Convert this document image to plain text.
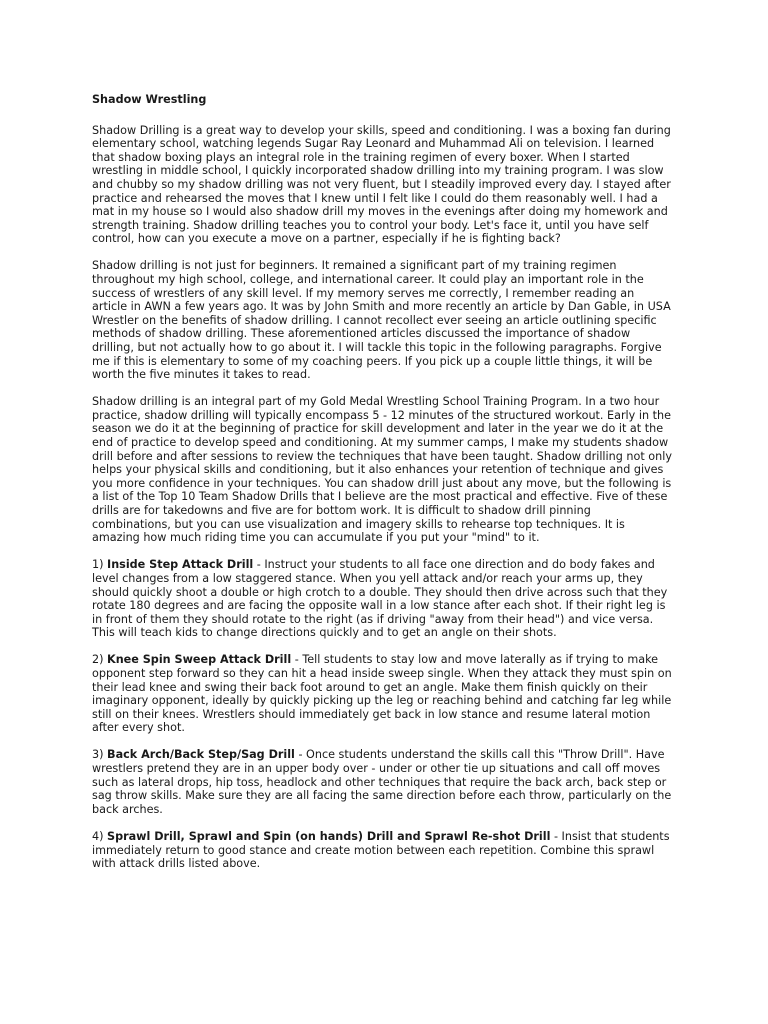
Shadow Wrestling

Shadow Drilling is a great way to develop your skills, speed and conditioning. I was a boxing fan during elementary school, watching legends Sugar Ray Leonard and Muhammad Ali on television. I learned that shadow boxing plays an integral role in the training regimen of every boxer. When I started wrestling in middle school, I quickly incorporated shadow drilling into my training program. I was slow and chubby so my shadow drilling was not very fluent, but I steadily improved every day. I stayed after practice and rehearsed the moves that I knew until I felt like I could do them reasonably well. I had a mat in my house so I would also shadow drill my moves in the evenings after doing my homework and strength training. Shadow drilling teaches you to control your body. Let's face it, until you have self control, how can you execute a move on a partner, especially if he is fighting back?

Shadow drilling is not just for beginners. It remained a significant part of my training regimen throughout my high school, college, and international career. It could play an important role in the success of wrestlers of any skill level. If my memory serves me correctly, I remember reading an article in AWN a few years ago. It was by John Smith and more recently an article by Dan Gable, in USA Wrestler on the benefits of shadow drilling. I cannot recollect ever seeing an article outlining specific methods of shadow drilling. These aforementioned articles discussed the importance of shadow drilling, but not actually how to go about it. I will tackle this topic in the following paragraphs. Forgive me if this is elementary to some of my coaching peers. If you pick up a couple little things, it will be worth the five minutes it takes to read.

Shadow drilling is an integral part of my Gold Medal Wrestling School Training Program. In a two hour practice, shadow drilling will typically encompass 5 - 12 minutes of the structured workout. Early in the season we do it at the beginning of practice for skill development and later in the year we do it at the end of practice to develop speed and conditioning. At my summer camps, I make my students shadow drill before and after sessions to review the techniques that have been taught. Shadow drilling not only helps your physical skills and conditioning, but it also enhances your retention of technique and gives you more confidence in your techniques. You can shadow drill just about any move, but the following is a list of the Top 10 Team Shadow Drills that I believe are the most practical and effective. Five of these drills are for takedowns and five are for bottom work. It is difficult to shadow drill pinning combinations, but you can use visualization and imagery skills to rehearse top techniques. It is amazing how much riding time you can accumulate if you put your "mind" to it.

1) Inside Step Attack Drill - Instruct your students to all face one direction and do body fakes and level changes from a low staggered stance. When you yell attack and/or reach your arms up, they should quickly shoot a double or high crotch to a double. They should then drive across such that they rotate 180 degrees and are facing the opposite wall in a low stance after each shot. If their right leg is in front of them they should rotate to the right (as if driving "away from their head") and vice versa. This will teach kids to change directions quickly and to get an angle on their shots.

2) Knee Spin Sweep Attack Drill - Tell students to stay low and move laterally as if trying to make opponent step forward so they can hit a head inside sweep single. When they attack they must spin on their lead knee and swing their back foot around to get an angle. Make them finish quickly on their imaginary opponent, ideally by quickly picking up the leg or reaching behind and catching far leg while still on their knees. Wrestlers should immediately get back in low stance and resume lateral motion after every shot.

3) Back Arch/Back Step/Sag Drill - Once students understand the skills call this "Throw Drill". Have wrestlers pretend they are in an upper body over - under or other tie up situations and call off moves such as lateral drops, hip toss, headlock and other techniques that require the back arch, back step or sag throw skills. Make sure they are all facing the same direction before each throw, particularly on the back arches.

4) Sprawl Drill, Sprawl and Spin (on hands) Drill and Sprawl Re-shot Drill - Insist that students immediately return to good stance and create motion between each repetition. Combine this sprawl with attack drills listed above.
